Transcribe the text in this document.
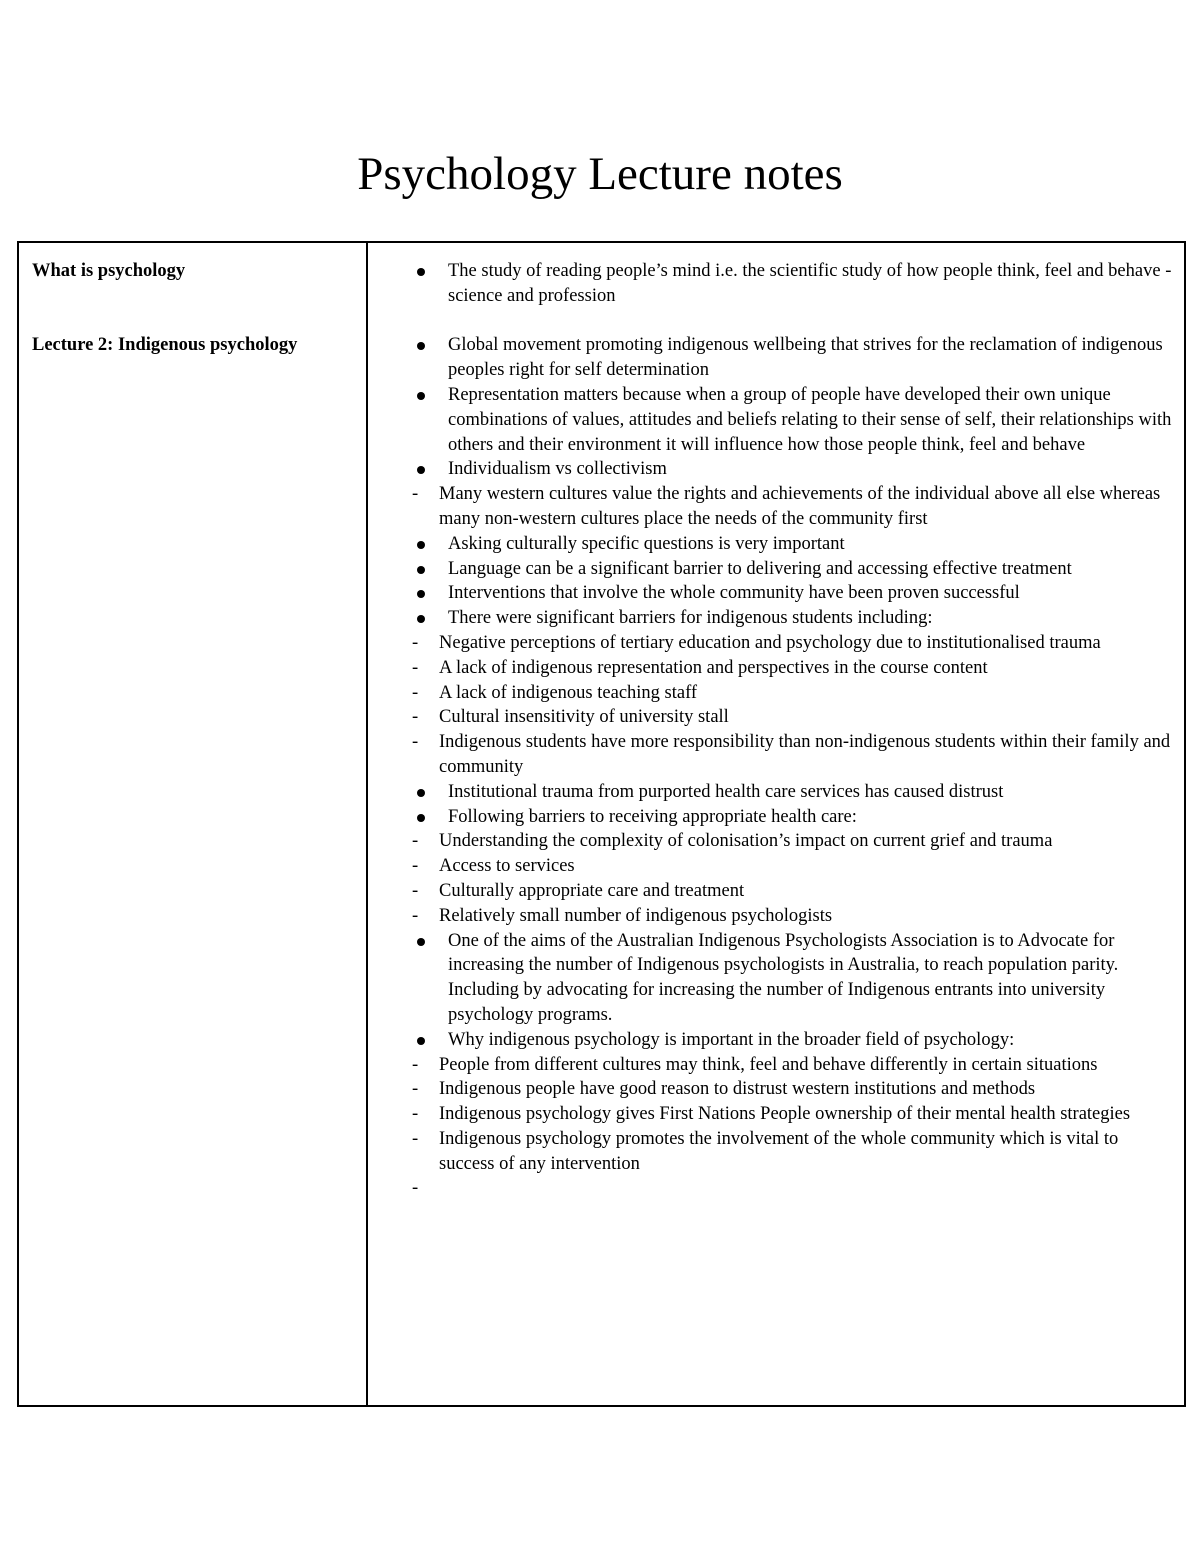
Psychology Lecture notes

What is psychology

Lecture 2: Indigenous psychology

The study of reading people’s mind i.e. the scientific study of how people think, feel and behave - science and profession
Global movement promoting indigenous wellbeing that strives for the reclamation of indigenous peoples right for self determination
Representation matters because when a group of people have developed their own unique combinations of values, attitudes and beliefs relating to their sense of self, their relationships with others and their environment it will influence how those people think, feel and behave
Individualism vs collectivism
- Many western cultures value the rights and achievements of the individual above all else whereas many non-western cultures place the needs of the community first
Asking culturally specific questions is very important
Language can be a significant barrier to delivering and accessing effective treatment
Interventions that involve the whole community have been proven successful
There were significant barriers for indigenous students including:
- Negative perceptions of tertiary education and psychology due to institutionalised trauma
- A lack of indigenous representation and perspectives in the course content
- A lack of indigenous teaching staff
- Cultural insensitivity of university stall
- Indigenous students have more responsibility than non-indigenous students within their family and community
Institutional trauma from purported health care services has caused distrust
Following barriers to receiving appropriate health care:
- Understanding the complexity of colonisation’s impact on current grief and trauma
- Access to services
- Culturally appropriate care and treatment
- Relatively small number of indigenous psychologists
One of the aims of the Australian Indigenous Psychologists Association is to Advocate for increasing the number of Indigenous psychologists in Australia, to reach population parity. Including by advocating for increasing the number of Indigenous entrants into university psychology programs.
Why indigenous psychology is important in the broader field of psychology:
- People from different cultures may think, feel and behave differently in certain situations
- Indigenous people have good reason to distrust western institutions and methods
- Indigenous psychology gives First Nations People ownership of their mental health strategies
- Indigenous psychology promotes the involvement of the whole community which is vital to success of any intervention
-
